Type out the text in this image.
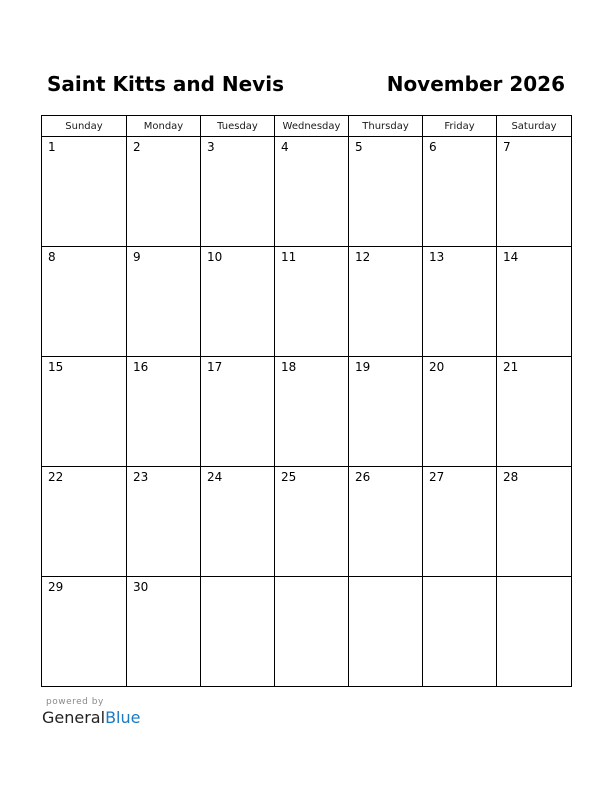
Saint Kitts and Nevis	November 2026
Sunday	Monday	Tuesday	Wednesday	Thursday	Friday	Saturday

1	2	3	4	5	6	7

8	9	10	11	12	13	14

15	16	17	18	19	20	21

22	23	24	25	26	27	28

29	30					

powered by
GeneralBlue
